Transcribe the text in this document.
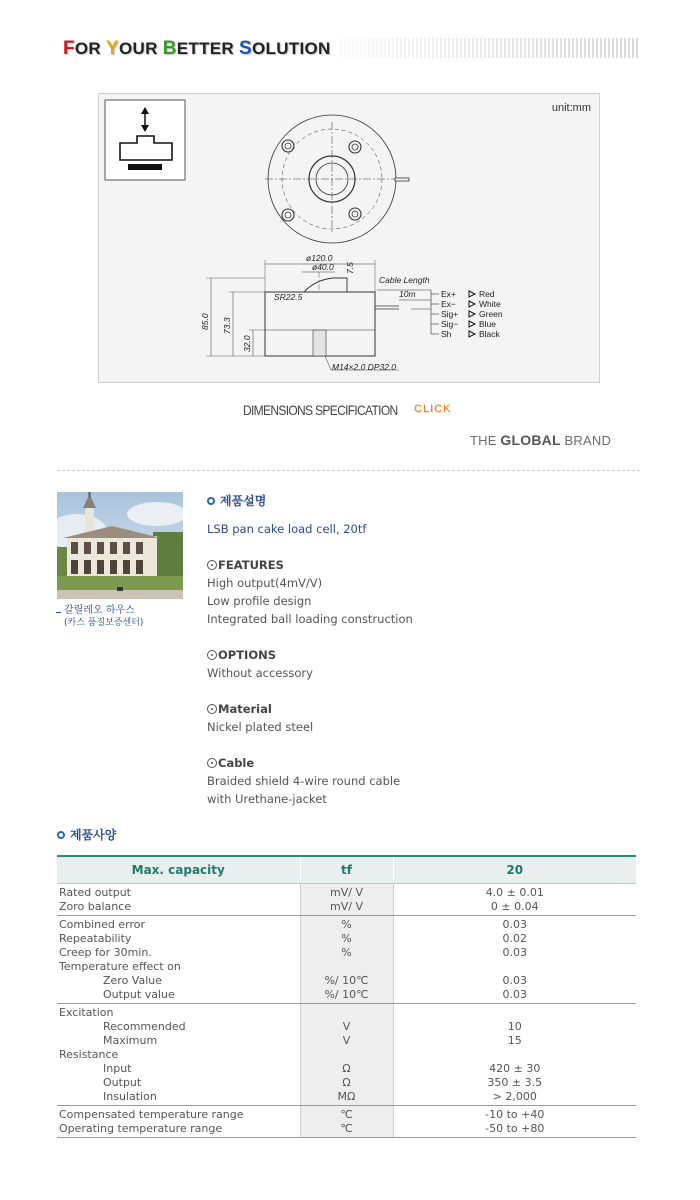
FOR YOUR BETTER SOLUTION
ø120.0
ø40.0 7.5
SR22.5
85.0 73.3
32.0
M14×2.0 DP32.0
Cable Length
10m	Ex+	Red
Ex−	White
Sig+ Green
Sig− Blue
Sh	Black
unit:mm
DIMENSIONS SPECIFICATION CLICK
THE GLOBAL BRAND
갈릴레오 하우스
(카스 품질보증센터)
제품설명
LSB pan cake load cell, 20tf
FEATURES
High output(4mV/V)
Low profile design
Integrated ball loading construction
OPTIONS
Without accessory
Material
Nickel plated steel
Cable
Braided shield 4-wire round cable
with Urethane-jacket
제품사양
Max. capacity	tf	20
Rated output	mV/ V	4.0 ± 0.01
Zoro balance	mV/ V	0 ± 0.04
Combined error	%	0.03
Repeatability	%	0.02
Creep for 30min.	%	0.03
Temperature effect on		
Zero Value	%/ 10℃	0.03
Output value	%/ 10℃	0.03
Excitation		
Recommended	V	10
Maximum	V	15
Resistance		
Input	Ω	420 ± 30
Output	Ω	350 ± 3.5
Insulation	MΩ	> 2,000
Compensated temperature range	℃	-10 to +40
Operating temperature range	℃	-50 to +80
